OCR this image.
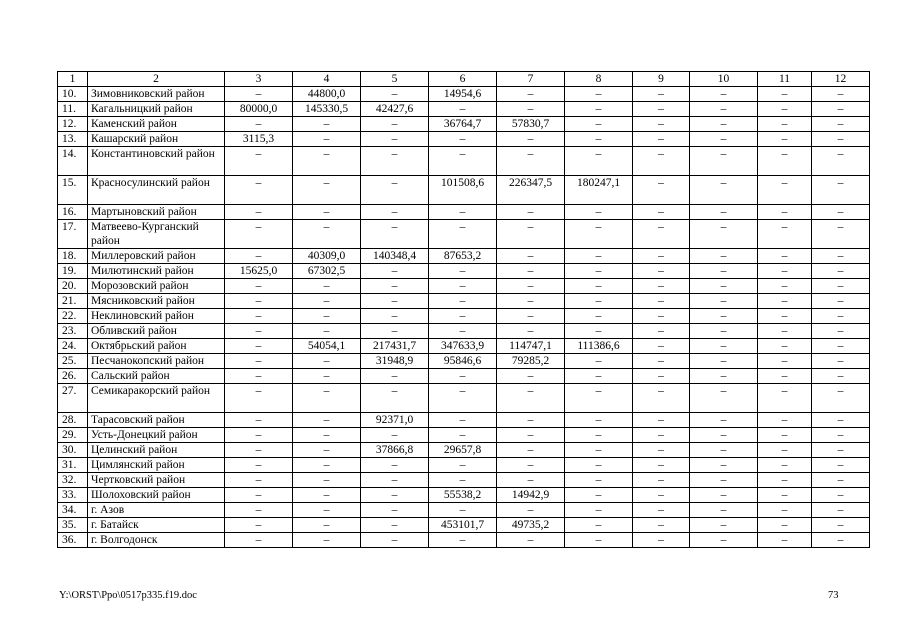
1	2	3	4	5	6	7	8	9	10	11	12
10.	Зимовниковский район	–	44800,0	–	14954,6	–	–	–	–	–	–
11.	Кагальницкий район	80000,0	145330,5	42427,6	–	–	–	–	–	–	–
12.	Каменский район	–	–	–	36764,7	57830,7	–	–	–	–	–
13.	Кашарский район	3115,3	–	–	–	–	–	–	–	–	–
14.	Константиновский район	–	–	–	–	–	–	–	–	–	–
15.	Красносулинский район	–	–	–	101508,6	226347,5	180247,1	–	–	–	–
16.	Мартыновский район	–	–	–	–	–	–	–	–	–	–
17.	Матвеево-Курганский район	–	–	–	–	–	–	–	–	–	–
18.	Миллеровский район	–	40309,0	140348,4	87653,2	–	–	–	–	–	–
19.	Милютинский район	15625,0	67302,5	–	–	–	–	–	–	–	–
20.	Морозовский район	–	–	–	–	–	–	–	–	–	–
21.	Мясниковский район	–	–	–	–	–	–	–	–	–	–
22.	Неклиновский район	–	–	–	–	–	–	–	–	–	–
23.	Обливский район	–	–	–	–	–	–	–	–	–	–
24.	Октябрьский район	–	54054,1	217431,7	347633,9	114747,1	111386,6	–	–	–	–
25.	Песчанокопский район	–	–	31948,9	95846,6	79285,2	–	–	–	–	–
26.	Сальский район	–	–	–	–	–	–	–	–	–	–
27.	Семикаракорский район	–	–	–	–	–	–	–	–	–	–
28.	Тарасовский район	–	–	92371,0	–	–	–	–	–	–	–
29.	Усть-Донецкий район	–	–	–	–	–	–	–	–	–	–
30.	Целинский район	–	–	37866,8	29657,8	–	–	–	–	–	–
31.	Цимлянский район	–	–	–	–	–	–	–	–	–	–
32.	Чертковский район	–	–	–	–	–	–	–	–	–	–
33.	Шолоховский район	–	–	–	55538,2	14942,9	–	–	–	–	–
34.	г. Азов	–	–	–	–	–	–	–	–	–	–
35.	г. Батайск	–	–	–	453101,7	49735,2	–	–	–	–	–
36.	г. Волгодонск	–	–	–	–	–	–	–	–	–	–
Y:\ORST\Ppo\0517p335.f19.doc	73
